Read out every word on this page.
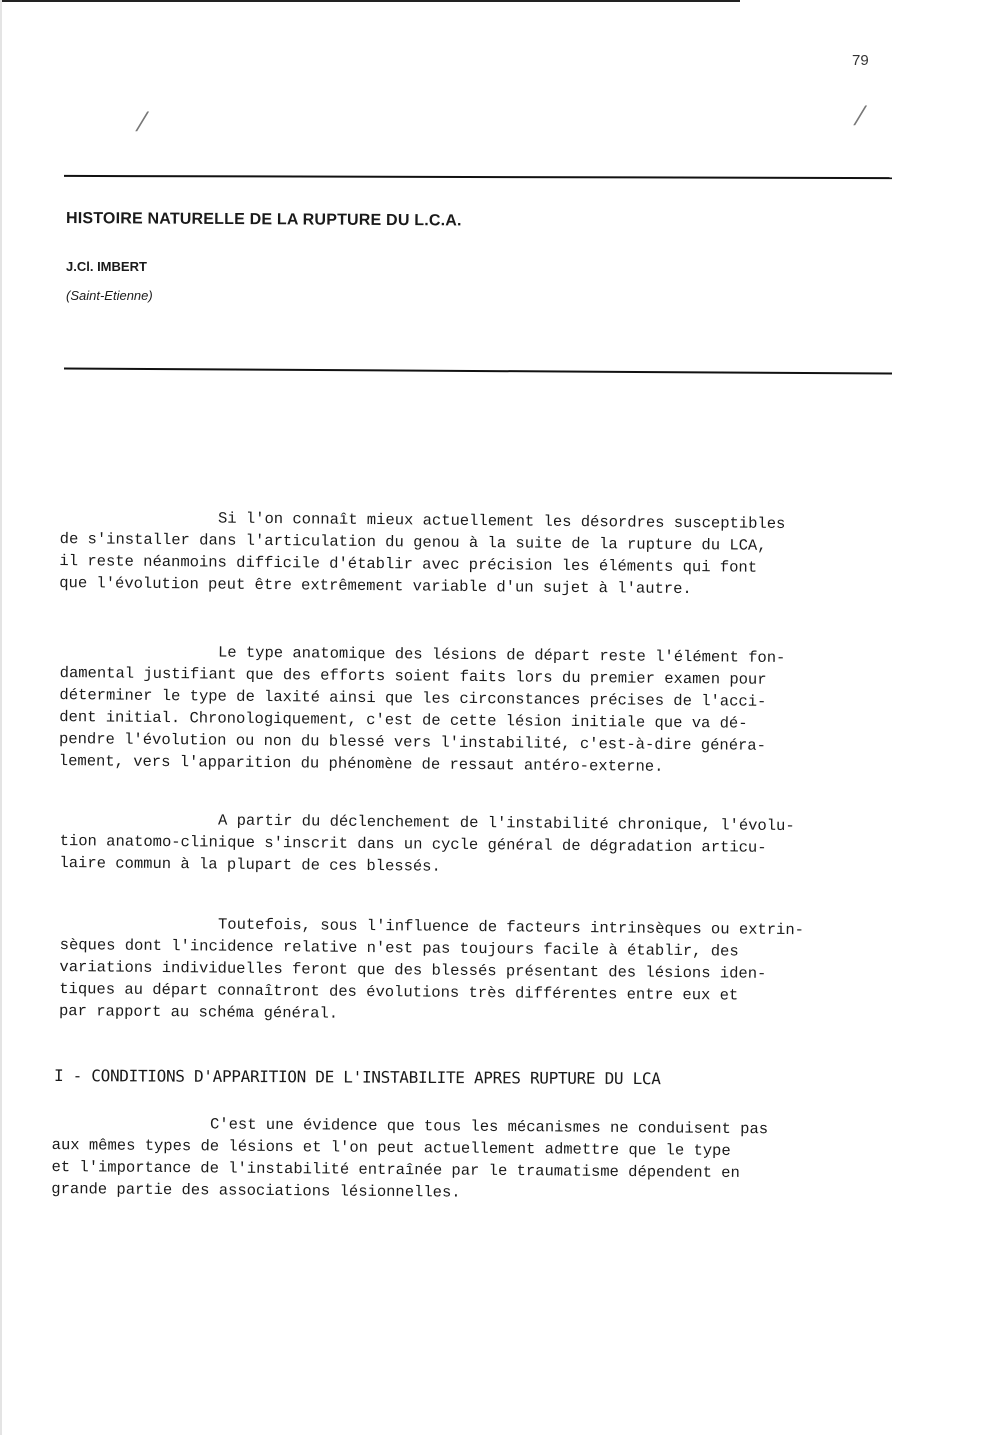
79
⁄	⁄
HISTOIRE NATURELLE DE LA RUPTURE DU L.C.A.
J.Cl. IMBERT
(Saint-Etienne)
Si l'on connaît mieux actuellement les désordres susceptibles
de s'installer dans l'articulation du genou à la suite de la rupture du LCA,
il reste néanmoins difficile d'établir avec précision les éléments qui font
que l'évolution peut être extrêmement variable d'un sujet à l'autre.
Le type anatomique des lésions de départ reste l'élément fon-
damental justifiant que des efforts soient faits lors du premier examen pour
déterminer le type de laxité ainsi que les circonstances précises de l'acci-
dent initial. Chronologiquement, c'est de cette lésion initiale que va dé-
pendre l'évolution ou non du blessé vers l'instabilité, c'est-à-dire généra-
lement, vers l'apparition du phénomène de ressaut antéro-externe.
A partir du déclenchement de l'instabilité chronique, l'évolu-
tion anatomo-clinique s'inscrit dans un cycle général de dégradation articu-
laire commun à la plupart de ces blessés.
Toutefois, sous l'influence de facteurs intrinsèques ou extrin-
sèques dont l'incidence relative n'est pas toujours facile à établir, des
variations individuelles feront que des blessés présentant des lésions iden-
tiques au départ connaîtront des évolutions très différentes entre eux et
par rapport au schéma général.
I - CONDITIONS D'APPARITION DE L'INSTABILITE APRES RUPTURE DU LCA
C'est une évidence que tous les mécanismes ne conduisent pas
aux mêmes types de lésions et l'on peut actuellement admettre que le type
et l'importance de l'instabilité entraînée par le traumatisme dépendent en
grande partie des associations lésionnelles.
